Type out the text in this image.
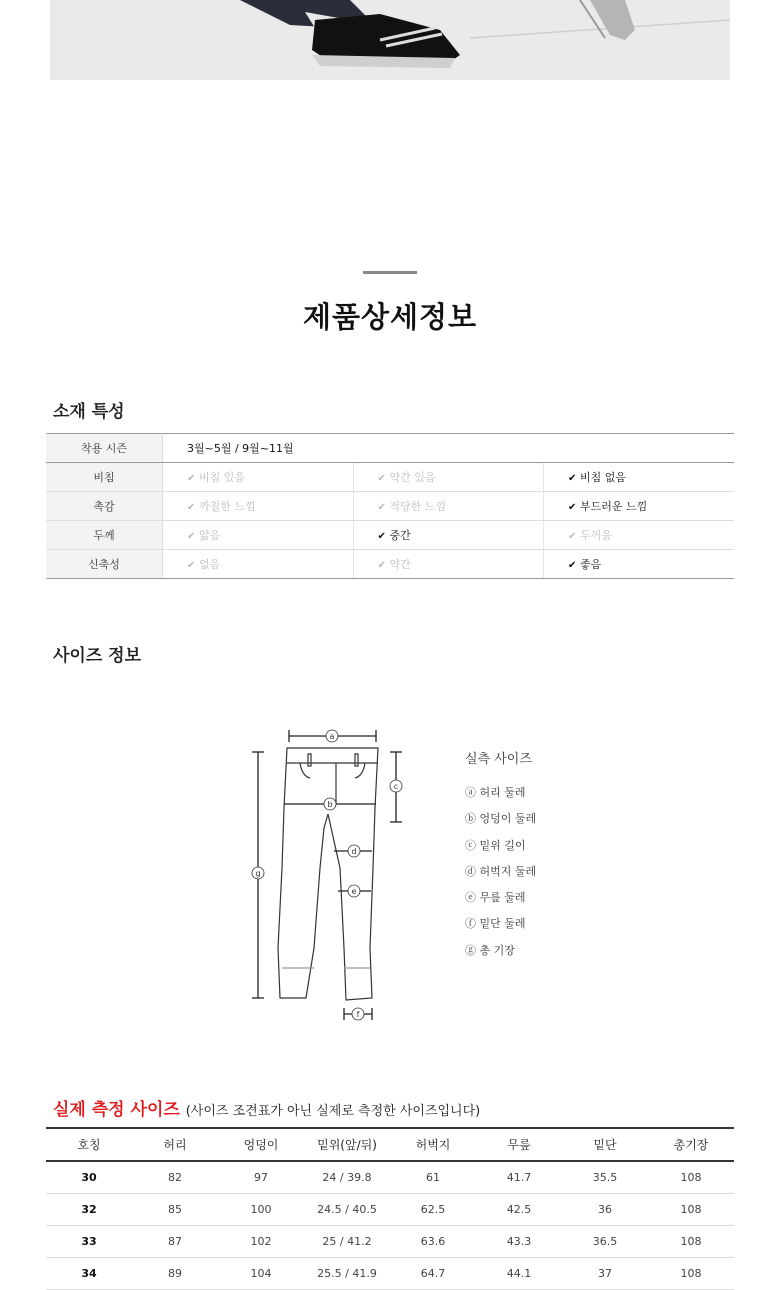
제품상세정보
소재 특성
착용 시즌	3월~5월 / 9월~11월		
비침	✔ 비침 있음	✔ 약간 있음	✔ 비침 없음
촉감	✔ 까칠한 느낌	✔ 적당한 느낌	✔ 부드러운 느낌
두께	✔ 얇음	✔ 중간	✔ 두꺼움
신축성	✔ 없음	✔ 약간	✔ 좋음
사이즈 정보
a
b
c
g
d
e
f
실측 사이즈
ⓐ 허리 둘레
ⓑ 엉덩이 둘레
ⓒ 밑위 길이
ⓓ 허벅지 둘레
ⓔ 무릎 둘레
ⓕ 밑단 둘레
ⓖ 총 기장
실제 측정 사이즈 (사이즈 조견표가 아닌 실제로 측정한 사이즈입니다)
호칭	허리	엉덩이	밑위(앞/뒤)	허벅지	무릎	밑단	총기장
30	82	97	24 / 39.8	61	41.7	35.5	108
32	85	100	24.5 / 40.5	62.5	42.5	36	108
33	87	102	25 / 41.2	63.6	43.3	36.5	108
34	89	104	25.5 / 41.9	64.7	44.1	37	108
